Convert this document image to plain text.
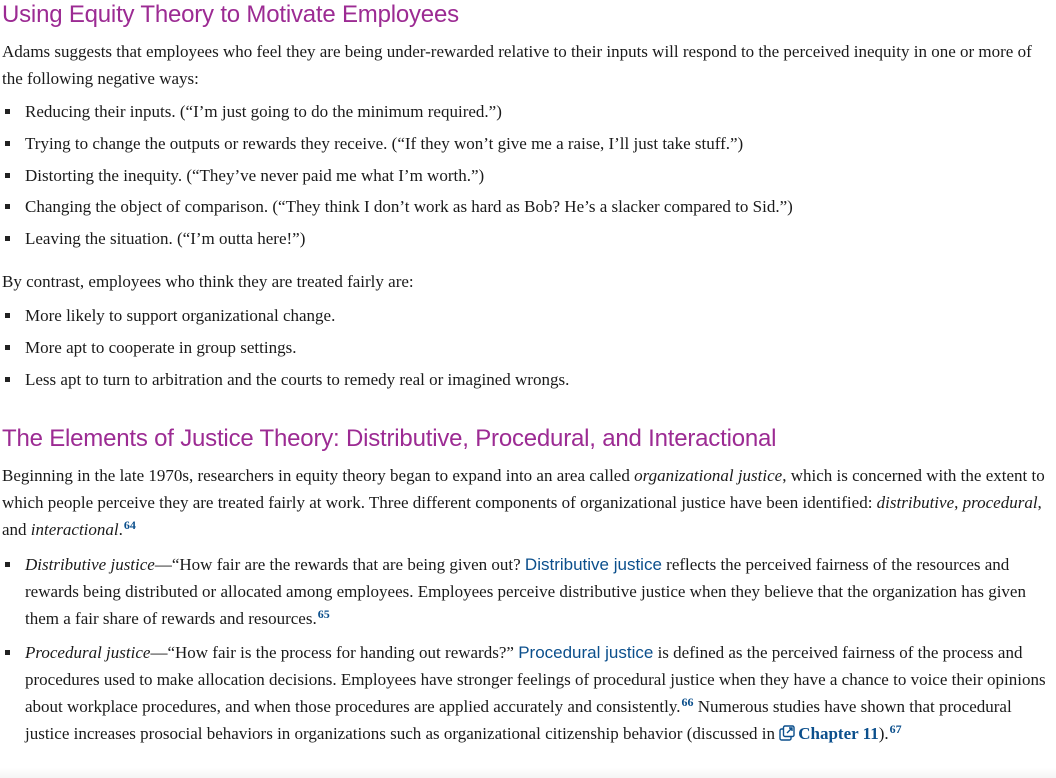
Using Equity Theory to Motivate Employees

Adams suggests that employees who feel they are being under-rewarded relative to their inputs will respond to the perceived inequity in one or more of the following negative ways:

Reducing their inputs. (“I’m just going to do the minimum required.”)
Trying to change the outputs or rewards they receive. (“If they won’t give me a raise, I’ll just take stuff.”)
Distorting the inequity. (“They’ve never paid me what I’m worth.”)
Changing the object of comparison. (“They think I don’t work as hard as Bob? He’s a slacker compared to Sid.”)
Leaving the situation. (“I’m outta here!”)

By contrast, employees who think they are treated fairly are:

More likely to support organizational change.
More apt to cooperate in group settings.
Less apt to turn to arbitration and the courts to remedy real or imagined wrongs.
The Elements of Justice Theory: Distributive, Procedural, and Interactional

Beginning in the late 1970s, researchers in equity theory began to expand into an area called organizational justice, which is concerned with the extent to which people perceive they are treated fairly at work. Three different components of organizational justice have been identified: distributive, procedural, and interactional.$^{64}$

Distributive justice—“How fair are the rewards that are being given out? Distributive justice reflects the perceived fairness of the resources and rewards being distributed or allocated among employees. Employees perceive distributive justice when they believe that the organization has given them a fair share of rewards and resources.$^{65}$
Procedural justice—“How fair is the process for handing out rewards?” Procedural justice is defined as the perceived fairness of the process and procedures used to make allocation decisions. Employees have stronger feelings of procedural justice when they have a chance to voice their opinions about workplace procedures, and when those procedures are applied accurately and consistently.$^{66}$ Numerous studies have shown that procedural justice increases prosocial behaviors in organizations such as organizational citizenship behavior (discussed in Chapter 11).$^{67}$
